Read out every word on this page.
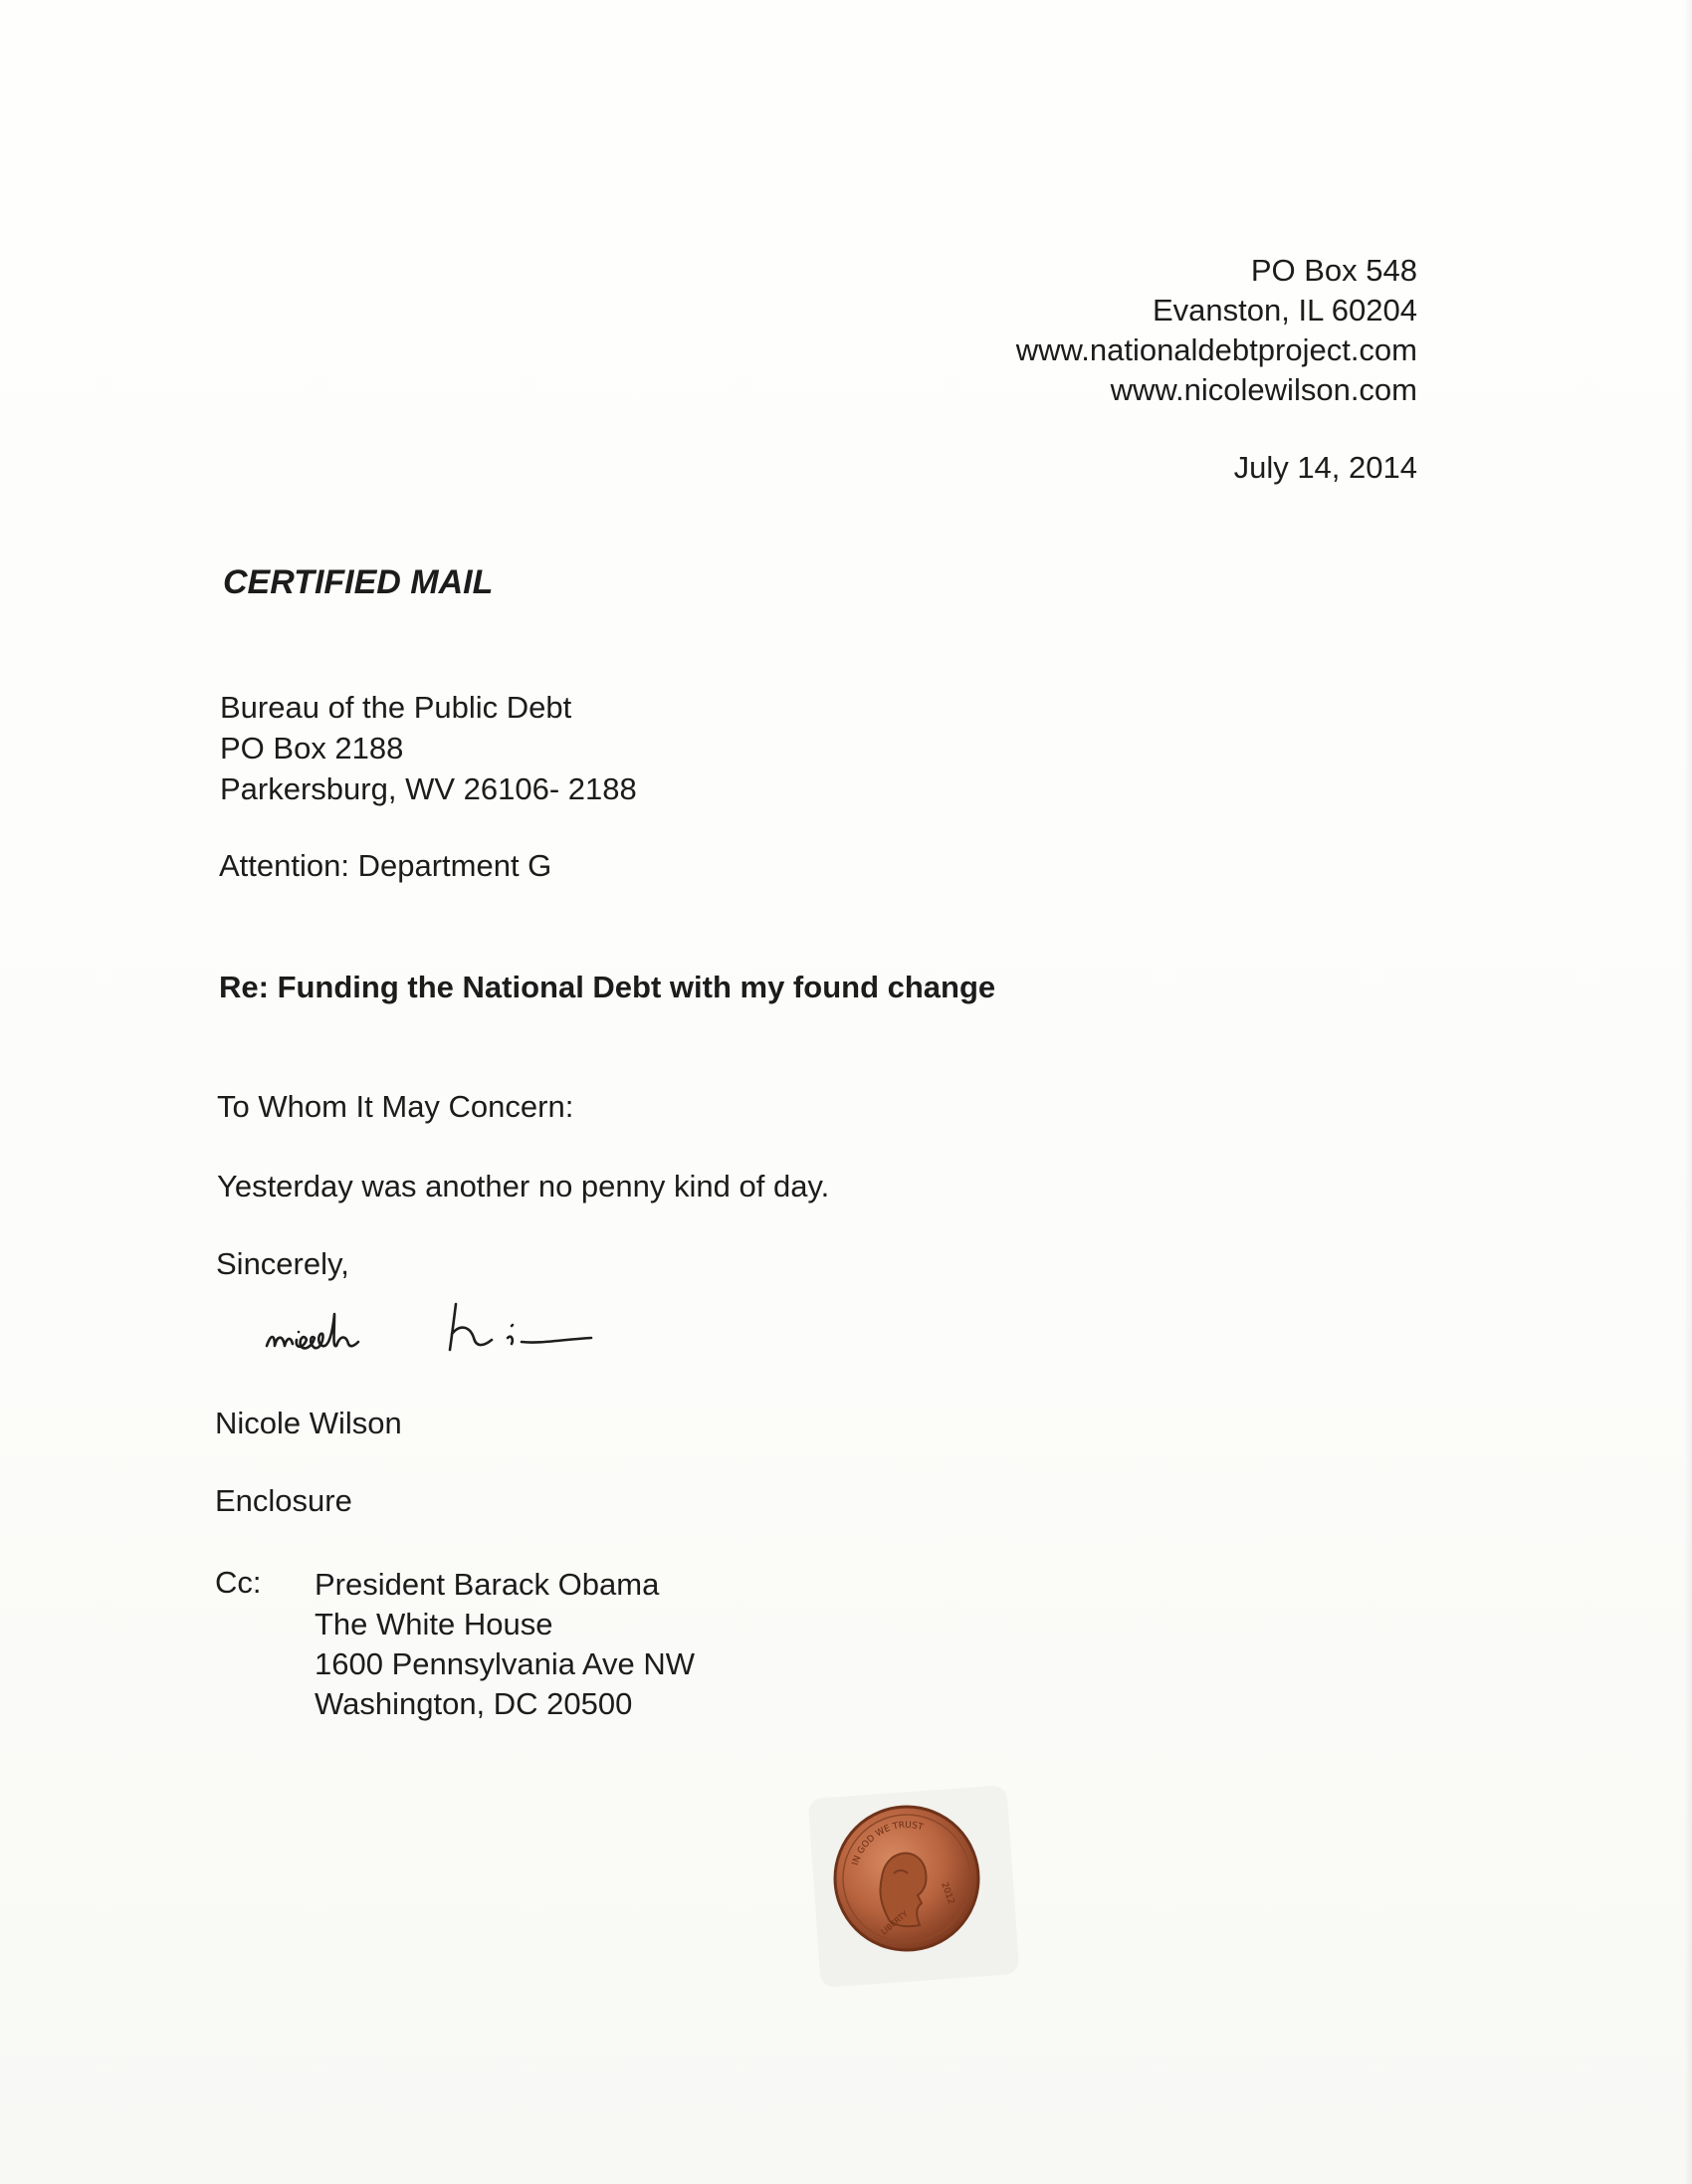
PO Box 548
Evanston, IL 60204
www.nationaldebtproject.com
www.nicolewilson.com
July 14, 2014
CERTIFIED MAIL
Bureau of the Public Debt
PO Box 2188
Parkersburg, WV 26106- 2188
Attention: Department G
Re: Funding the National Debt with my found change
To Whom It May Concern:
Yesterday was another no penny kind of day.
Sincerely,
Nicole Wilson
Enclosure
Cc: President Barack Obama
The White House
1600 Pennsylvania Ave NW
Washington, DC 20500
IN GOD WE TRUST
2012
LIBERTY
